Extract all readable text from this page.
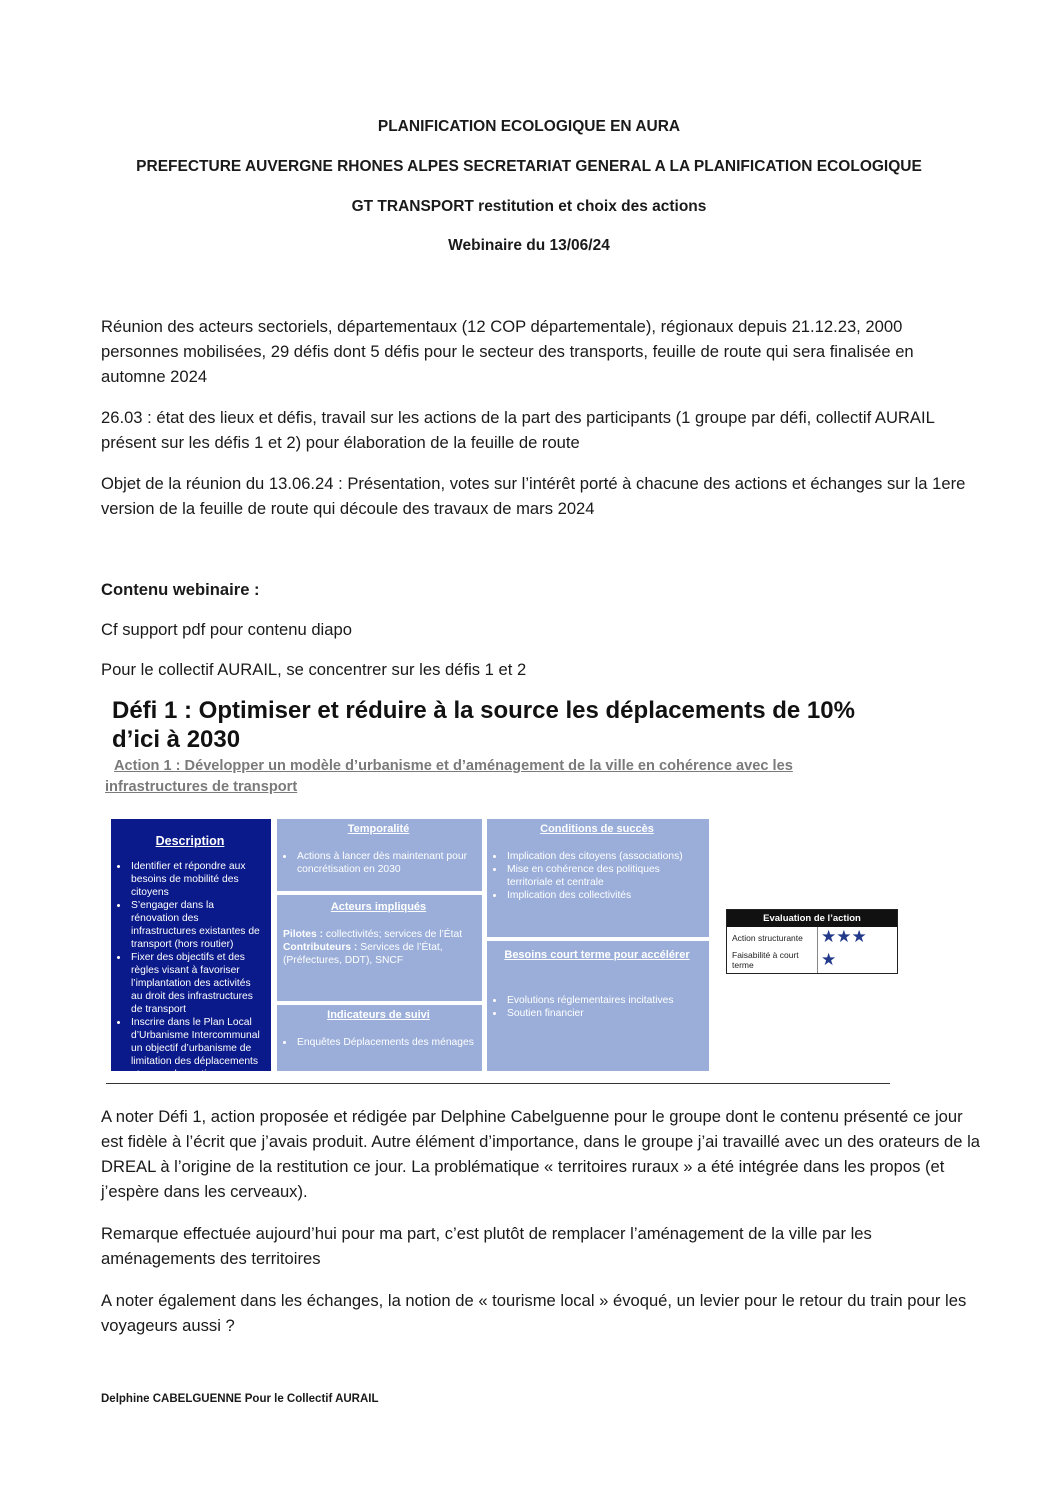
PLANIFICATION ECOLOGIQUE EN AURA
PREFECTURE AUVERGNE RHONES ALPES SECRETARIAT GENERAL A LA PLANIFICATION ECOLOGIQUE
GT TRANSPORT restitution et choix des actions
Webinaire du 13/06/24

Réunion des acteurs sectoriels, départementaux (12 COP départementale), régionaux depuis 21.12.23, 2000 personnes mobilisées, 29 défis dont 5 défis pour le secteur des transports, feuille de route qui sera finalisée en automne 2024

26.03 : état des lieux et défis, travail sur les actions de la part des participants (1 groupe par défi, collectif AURAIL présent sur les défis 1 et 2) pour élaboration de la feuille de route

Objet de la réunion du 13.06.24 : Présentation, votes sur l’intérêt porté à chacune des actions et échanges sur la 1ere version de la feuille de route qui découle des travaux de mars 2024

Contenu webinaire :

Cf support pdf pour contenu diapo

Pour le collectif AURAIL, se concentrer sur les défis 1 et 2

Défi 1 : Optimiser et réduire à la source les déplacements de 10% d’ici à 2030
Action 1 : Développer un modèle d’urbanisme et d’aménagement de la ville en cohérence avec les infrastructures de transport
Description
• Identifier et répondre aux besoins de mobilité des citoyens
• S’engager dans la rénovation des infrastructures existantes de transport (hors routier)
• Fixer des objectifs et des règles visant à favoriser l’implantation des activités au droit des infrastructures de transport
• Inscrire dans le Plan Local d’Urbanisme Intercommunal un objectif d’urbanisme de limitation des déplacements et mener les actions
Temporalité
• Actions à lancer dès maintenant pour concrétisation en 2030
Acteurs impliqués
Pilotes : collectivités; services de l’État
Contributeurs : Services de l’État, (Préfectures, DDT), SNCF
Indicateurs de suivi
• Enquêtes Déplacements des ménages
Conditions de succès
• Implication des citoyens (associations)
• Mise en cohérence des politiques territoriale et centrale
• Implication des collectivités
Besoins court terme pour accélérer
• Evolutions réglementaires incitatives
• Soutien financier
Evaluation de l’action
Action structurante	★★★
Faisabilité à court terme	★

A noter Défi 1, action proposée et rédigée par Delphine Cabelguenne pour le groupe dont le contenu présenté ce jour est fidèle à l’écrit que j’avais produit. Autre élément d’importance, dans le groupe j’ai travaillé avec un des orateurs de la DREAL à l’origine de la restitution ce jour. La problématique « territoires ruraux » a été intégrée dans les propos (et j’espère dans les cerveaux).

Remarque effectuée aujourd’hui pour ma part, c’est plutôt de remplacer l’aménagement de la ville par les aménagements des territoires

A noter également dans les échanges, la notion de « tourisme local » évoqué, un levier pour le retour du train pour les voyageurs aussi ?

Delphine CABELGUENNE Pour le Collectif AURAIL
